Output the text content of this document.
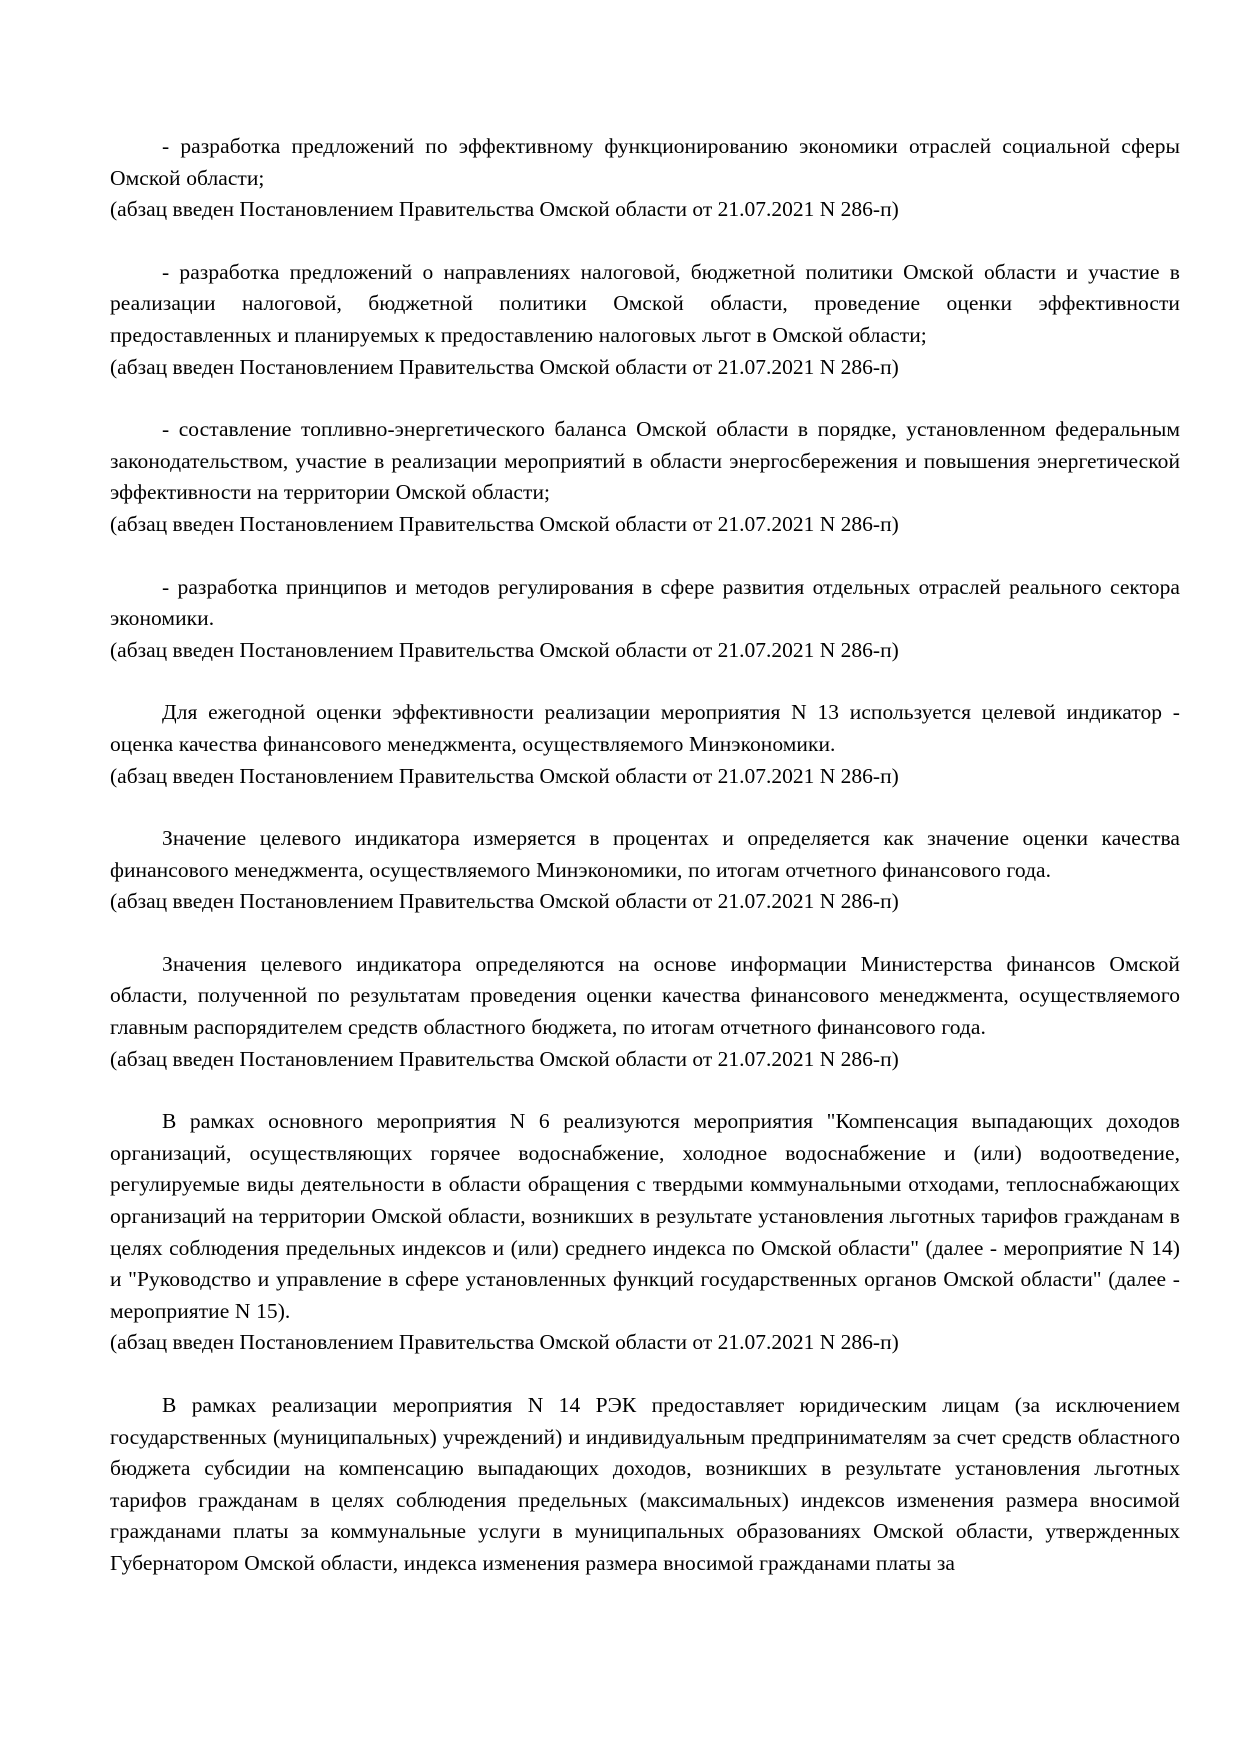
- разработка предложений по эффективному функционированию экономики отраслей социальной сферы Омской области;

(абзац введен Постановлением Правительства Омской области от 21.07.2021 N 286-п)

- разработка предложений о направлениях налоговой, бюджетной политики Омской области и участие в реализации налоговой, бюджетной политики Омской области, проведение оценки эффективности предоставленных и планируемых к предоставлению налоговых льгот в Омской области;

(абзац введен Постановлением Правительства Омской области от 21.07.2021 N 286-п)

- составление топливно-энергетического баланса Омской области в порядке, установленном федеральным законодательством, участие в реализации мероприятий в области энергосбережения и повышения энергетической эффективности на территории Омской области;

(абзац введен Постановлением Правительства Омской области от 21.07.2021 N 286-п)

- разработка принципов и методов регулирования в сфере развития отдельных отраслей реального сектора экономики.

(абзац введен Постановлением Правительства Омской области от 21.07.2021 N 286-п)

Для ежегодной оценки эффективности реализации мероприятия N 13 используется целевой индикатор - оценка качества финансового менеджмента, осуществляемого Минэкономики.

(абзац введен Постановлением Правительства Омской области от 21.07.2021 N 286-п)

Значение целевого индикатора измеряется в процентах и определяется как значение оценки качества финансового менеджмента, осуществляемого Минэкономики, по итогам отчетного финансового года.

(абзац введен Постановлением Правительства Омской области от 21.07.2021 N 286-п)

Значения целевого индикатора определяются на основе информации Министерства финансов Омской области, полученной по результатам проведения оценки качества финансового менеджмента, осуществляемого главным распорядителем средств областного бюджета, по итогам отчетного финансового года.

(абзац введен Постановлением Правительства Омской области от 21.07.2021 N 286-п)

В рамках основного мероприятия N 6 реализуются мероприятия "Компенсация выпадающих доходов организаций, осуществляющих горячее водоснабжение, холодное водоснабжение и (или) водоотведение, регулируемые виды деятельности в области обращения с твердыми коммунальными отходами, теплоснабжающих организаций на территории Омской области, возникших в результате установления льготных тарифов гражданам в целях соблюдения предельных индексов и (или) среднего индекса по Омской области" (далее - мероприятие N 14) и "Руководство и управление в сфере установленных функций государственных органов Омской области" (далее - мероприятие N 15).

(абзац введен Постановлением Правительства Омской области от 21.07.2021 N 286-п)

В рамках реализации мероприятия N 14 РЭК предоставляет юридическим лицам (за исключением государственных (муниципальных) учреждений) и индивидуальным предпринимателям за счет средств областного бюджета субсидии на компенсацию выпадающих доходов, возникших в результате установления льготных тарифов гражданам в целях соблюдения предельных (максимальных) индексов изменения размера вносимой гражданами платы за коммунальные услуги в муниципальных образованиях Омской области, утвержденных Губернатором Омской области, индекса изменения размера вносимой гражданами платы за
